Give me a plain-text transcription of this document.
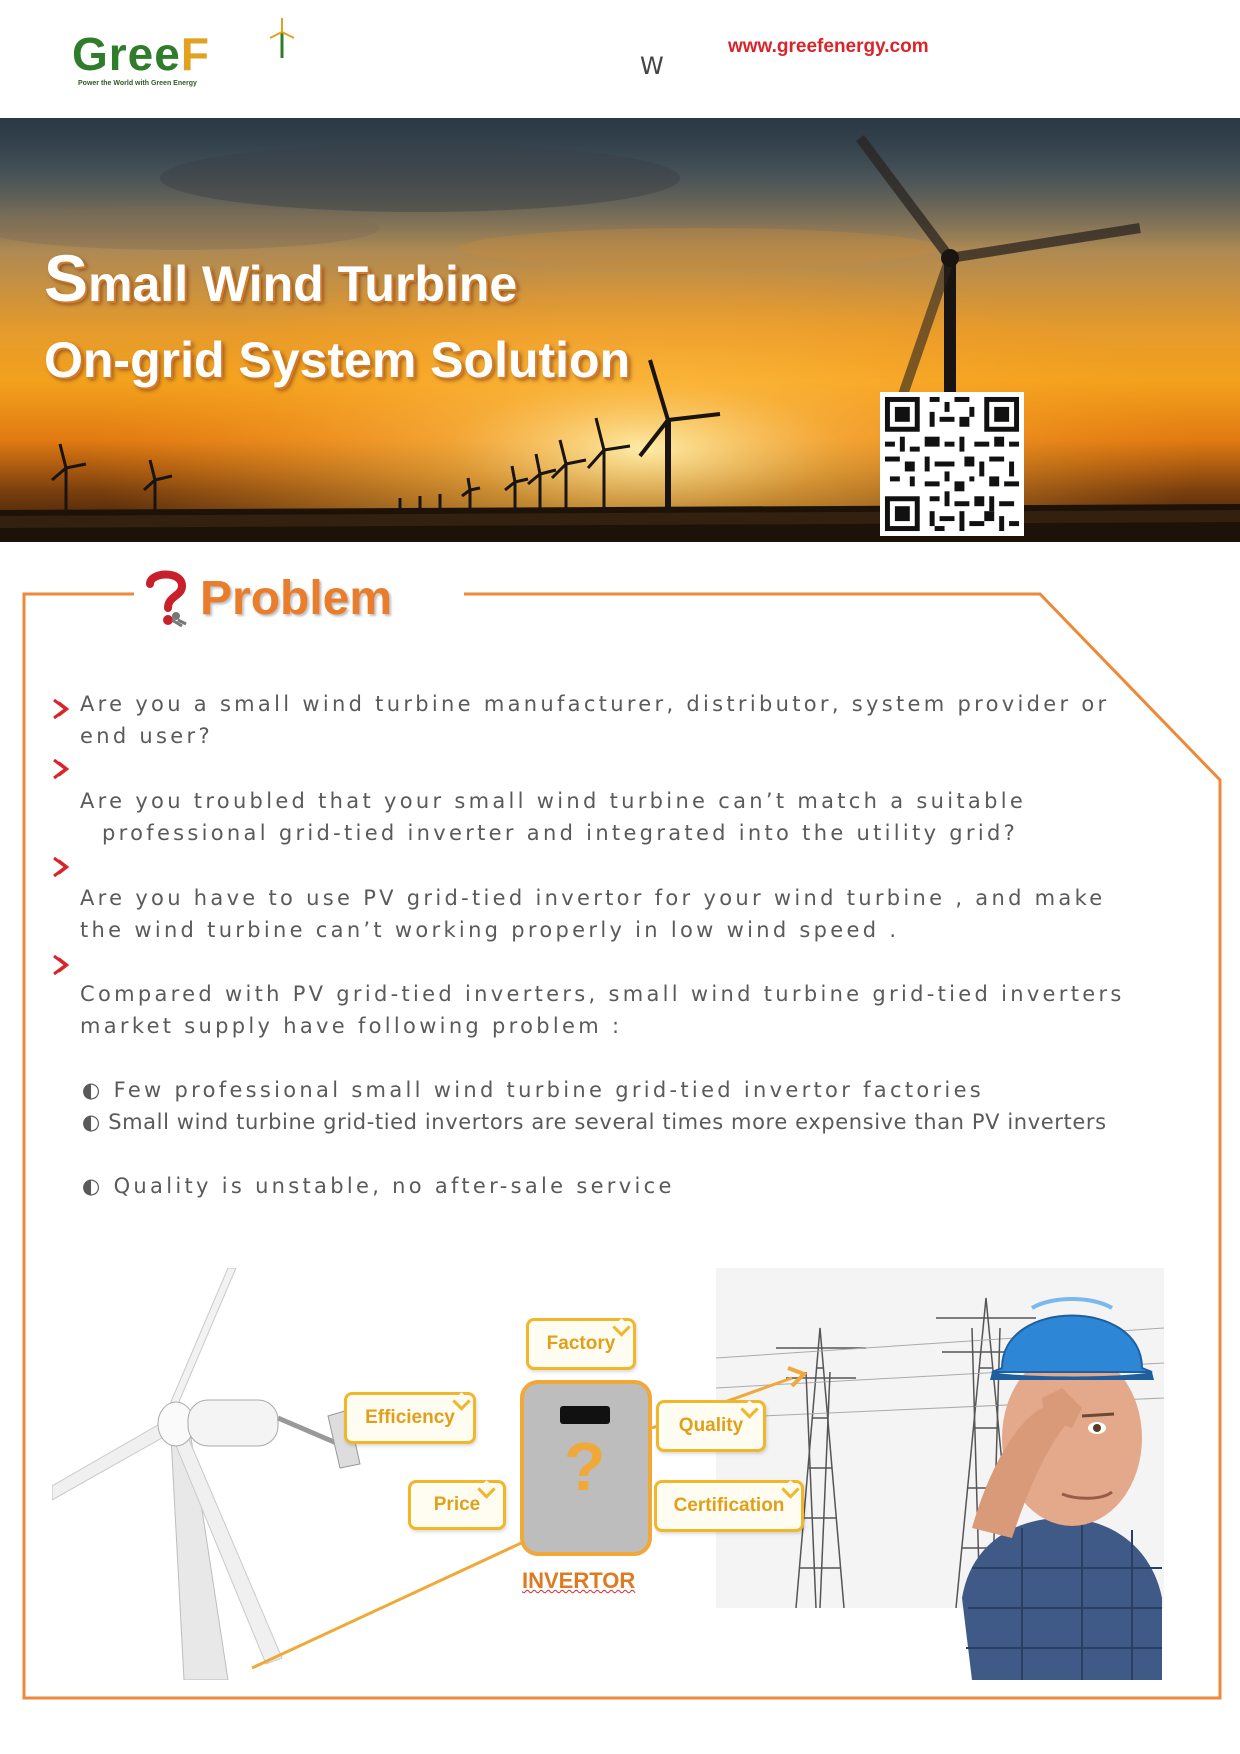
GreeF
Power the World with Green Energy
W
www.greefenergy.com
Small Wind Turbine
On-grid System Solution
Problem

Are you a small wind turbine manufacturer, distributor, system provider or end user?

Are you troubled that your small wind turbine can’t match a suitable

professional grid-tied inverter and integrated into the utility grid?

Are you have to use PV grid-tied invertor for your wind turbine , and make the wind turbine can’t working properly in low wind speed .

Compared with PV grid-tied inverters, small wind turbine grid-tied inverters market supply have following problem :

◐ Few professional small wind turbine grid-tied invertor factories
◐ Small wind turbine grid-tied invertors are several times more expensive than PV inverters
◐ Quality is unstable, no after-sale service
Factory
Efficiency	Quality
Price	Certification
?
INVERTOR
